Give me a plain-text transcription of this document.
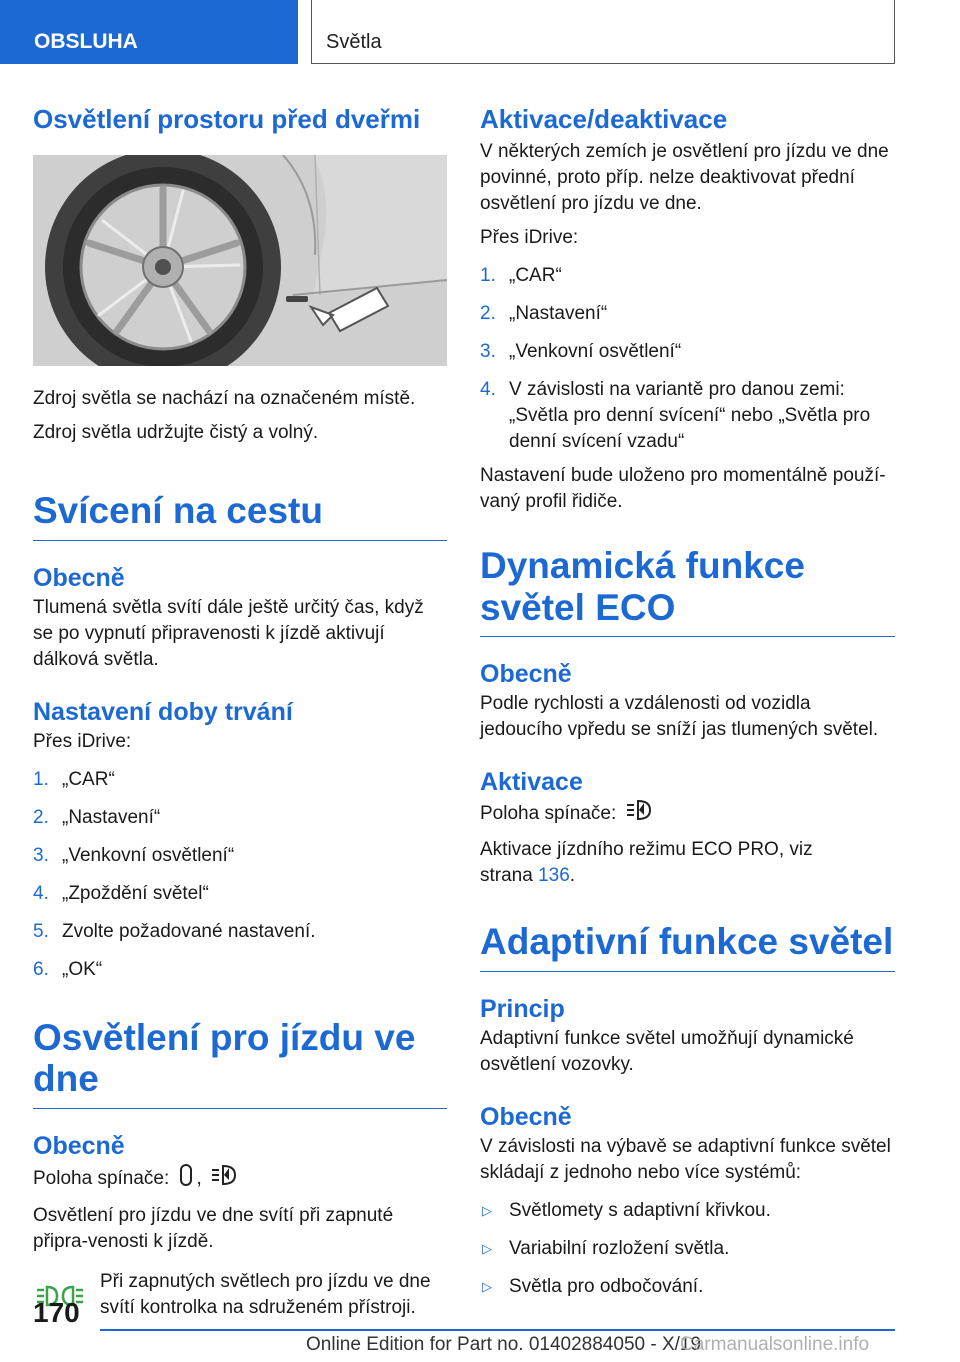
OBSLUHA	Světla
Osvětlení prostoru před dveřmi

Zdroj světla se nachází na označeném místě.

Zdroj světla udržujte čistý a volný.

Svícení na cestu
Obecně

Tlumená světla svítí dále ještě určitý čas, když se po vypnutí připravenosti k jízdě aktivují dálková světla.

Nastavení doby trvání

Přes iDrive:

1. „CAR“
2. „Nastavení“
3. „Venkovní osvětlení“
4. „Zpoždění světel“
5. Zvolte požadované nastavení.
6. „OK“
Osvětlení pro jízdu ve dne
Obecně

Poloha spínače: ,

Osvětlení pro jízdu ve dne svítí při zapnuté připra-venosti k jízdě.

Při zapnutých světlech pro jízdu ve dne svítí kontrolka na sdruženém přístroji.

Aktivace/deaktivace

V některých zemích je osvětlení pro jízdu ve dne povinné, proto příp. nelze deaktivovat přední osvětlení pro jízdu ve dne.

Přes iDrive:

1. „CAR“
2. „Nastavení“
3. „Venkovní osvětlení“
4. V závislosti na variantě pro danou zemi: „Světla pro denní svícení“ nebo „Světla pro denní svícení vzadu“

Nastavení bude uloženo pro momentálně použí-vaný profil řidiče.

Dynamická funkce světel ECO
Obecně

Podle rychlosti a vzdálenosti od vozidla jedoucího vpředu se sníží jas tlumených světel.

Aktivace

Poloha spínače:

Aktivace jízdního režimu ECO PRO, viz strana 136.

Adaptivní funkce světel
Princip

Adaptivní funkce světel umožňují dynamické osvětlení vozovky.

Obecně

V závislosti na výbavě se adaptivní funkce světel skládají z jednoho nebo více systémů:

▷ Světlomety s adaptivní křivkou.
▷ Variabilní rozložení světla.
▷ Světla pro odbočování.
170
Online Edition for Part no. 01402884050 - X/19
Carmanualsonline.info
